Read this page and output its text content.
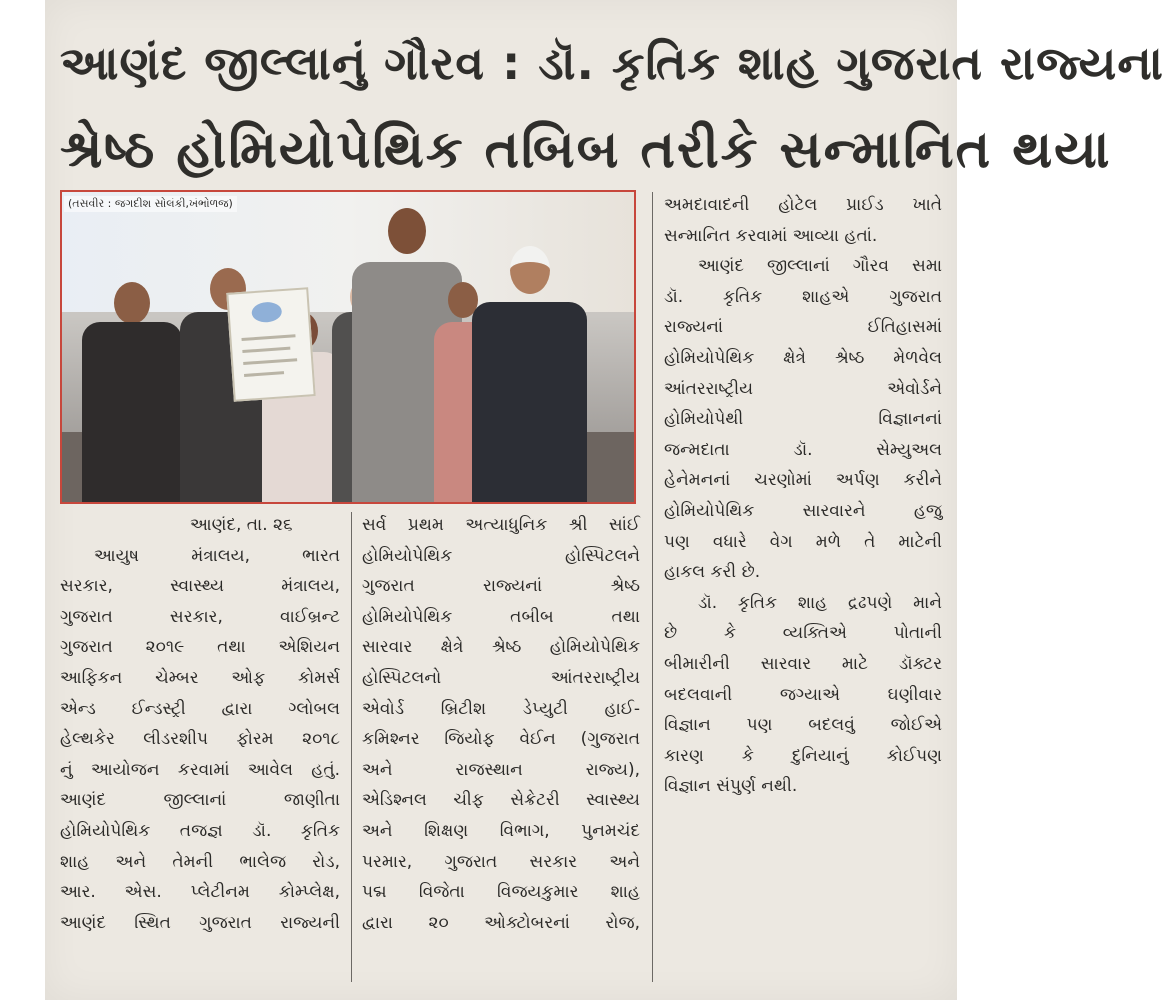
આણંદ જીલ્લાનું ગૌરવ : ડૉ. કૃતિક શાહ ગુજરાત રાજ્યના
શ્રેષ્ઠ હોમિયોપેથિક તબિબ તરીકે સન્માનિત થયા
(તસવીર : જગદીશ સોલંકી,ખંભોળજ)

આણંદ, તા. ૨૬

આયુષ મંત્રાલય, ભારત

સરકાર, સ્વાસ્થ્ય મંત્રાલય,

ગુજરાત સરકાર, વાઈબ્રન્ટ

ગુજરાત ૨૦૧૯ તથા એશિયન

આફિકન ચેમ્બર ઓફ કોમર્સ

એન્ડ ઈન્ડસ્ટ્રી દ્વારા ગ્લોબલ

હેલ્થકેર લીડરશીપ ફોરમ ૨૦૧૮

નું આયોજન કરવામાં આવેલ હતું.

આણંદ જીલ્લાનાં જાણીતા

હોમિયોપેથિક તજજ્ઞ ડૉ. કૃતિક

શાહ અને તેમની ભાલેજ રોડ,

આર. એસ. પ્લેટીનમ કોમ્પ્લેક્ષ,

આણંદ સ્થિત ગુજરાત રાજ્યની

સર્વ પ્રથમ અત્યાધુનિક શ્રી સાંઈ

હોમિયોપેથિક હોસ્પિટલને

ગુજરાત રાજ્યનાં શ્રેષ્ઠ

હોમિયોપેથિક તબીબ તથા

સારવાર ક્ષેત્રે શ્રેષ્ઠ હોમિયોપેથિક

હોસ્પિટલનો આંતરરાષ્ટ્રીય

એવોર્ડ બ્રિટીશ ડેપ્યુટી હાઈ-

કમિશ્નર જિયોફ વેઈન (ગુજરાત

અને રાજસ્થાન રાજ્ય),

એડિશ્નલ ચીફ સેક્રેટરી સ્વાસ્થ્ય

અને શિક્ષણ વિભાગ, પુનમચંદ

પરમાર, ગુજરાત સરકાર અને

પદ્મ વિજેતા વિજયકુમાર શાહ

દ્વારા ૨૦ ઓક્ટોબરનાં રોજ,

અમદાવાદની હોટેલ પ્રાઈડ ખાતે

સન્માનિત કરવામાં આવ્યા હતાં.

આણંદ જીલ્લાનાં ગૌરવ સમા

ડૉ. કૃતિક શાહએ ગુજરાત

રાજ્યનાં ઈતિહાસમાં

હોમિયોપેથિક ક્ષેત્રે શ્રેષ્ઠ મેળવેલ

આંતરરાષ્ટ્રીય એવોર્ડને

હોમિયોપેથી વિજ્ઞાનનાં

જન્મદાતા ડૉ. સેમ્યુઅલ

હેનેમનનાં ચરણોમાં અર્પણ કરીને

હોમિયોપેથિક સારવારને હજુ

પણ વધારે વેગ મળે તે માટેની

હાકલ કરી છે.

ડૉ. કૃતિક શાહ દ્રઢપણે માને

છે કે વ્યક્તિએ પોતાની

બીમારીની સારવાર માટે ડૉક્ટર

બદલવાની જગ્યાએ ઘણીવાર

વિજ્ઞાન પણ બદલવું જોઈએ

કારણ કે દુનિયાનું કોઈપણ

વિજ્ઞાન સંપુર્ણ નથી.
